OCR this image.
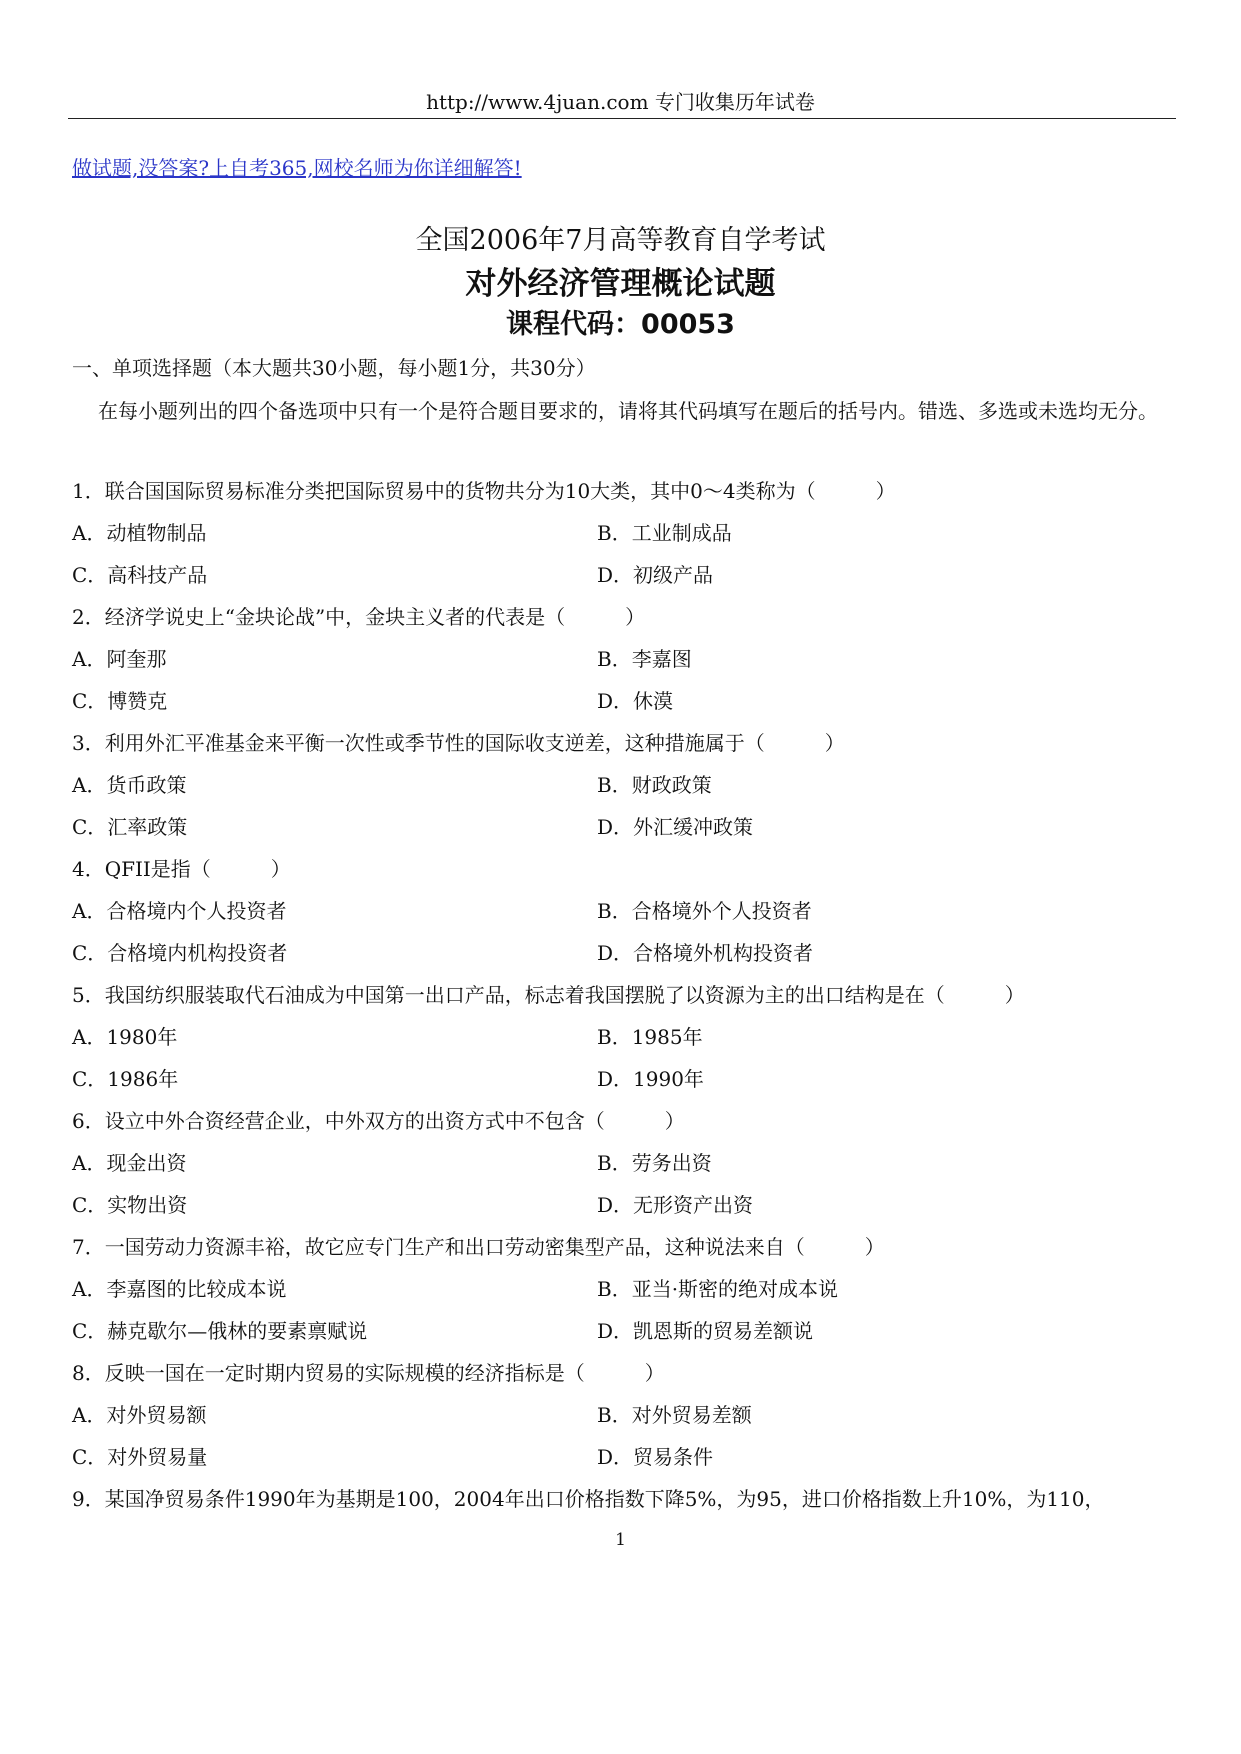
http://www.4juan.com 专门收集历年试卷
做试题,没答案?上自考365,网校名师为你详细解答!
全国2006年7月高等教育自学考试
对外经济管理概论试题
课程代码：00053
一、单项选择题（本大题共30小题，每小题1分，共30分）
在每小题列出的四个备选项中只有一个是符合题目要求的，请将其代码填写在题后的括号内。错选、多选或未选均无分。
1．联合国国际贸易标准分类把国际贸易中的货物共分为10大类，其中0～4类称为（　　　）
A．动植物制品	B．工业制成品
C．高科技产品	D．初级产品
2．经济学说史上“金块论战”中，金块主义者的代表是（　　　）
A．阿奎那	B．李嘉图
C．博赞克	D．休漠
3．利用外汇平准基金来平衡一次性或季节性的国际收支逆差，这种措施属于（　　　）
A．货币政策	B．财政政策
C．汇率政策	D．外汇缓冲政策
4．QFII是指（　　　）
A．合格境内个人投资者	B．合格境外个人投资者
C．合格境内机构投资者	D．合格境外机构投资者
5．我国纺织服装取代石油成为中国第一出口产品，标志着我国摆脱了以资源为主的出口结构是在（　　　）
A．1980年	B．1985年
C．1986年	D．1990年
6．设立中外合资经营企业，中外双方的出资方式中不包含（　　　）
A．现金出资	B．劳务出资
C．实物出资	D．无形资产出资
7．一国劳动力资源丰裕，故它应专门生产和出口劳动密集型产品，这种说法来自（　　　）
A．李嘉图的比较成本说	B．亚当·斯密的绝对成本说
C．赫克歇尔—俄林的要素禀赋说	D．凯恩斯的贸易差额说
8．反映一国在一定时期内贸易的实际规模的经济指标是（　　　）
A．对外贸易额	B．对外贸易差额
C．对外贸易量	D．贸易条件
9．某国净贸易条件1990年为基期是100，2004年出口价格指数下降5%，为95，进口价格指数上升10%，为110，
1
